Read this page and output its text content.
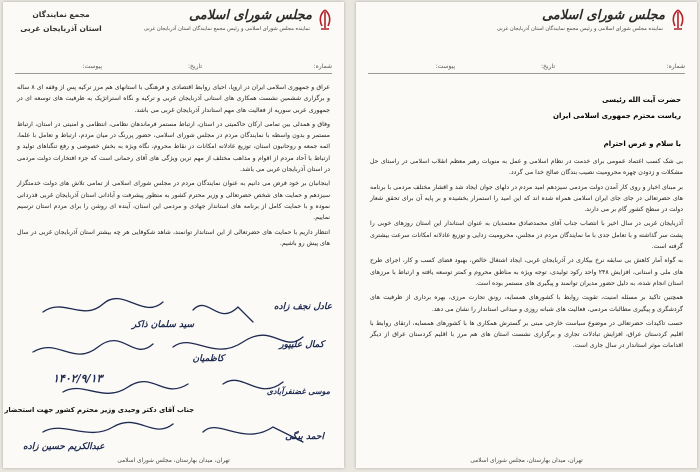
مجلس شورای اسلامی
نماینده مجلس شورای اسلامی و رئیس مجمع نمایندگان استان آذربایجان غربی
مجمع نمایندگان
استان آذربایجان غربی
شماره:
تاریخ:
پیوست:

عراق و جمهوری اسلامی ایران در اروپا، احیای روابط اقتصادی و فرهنگی با استانهای هم مرز ترکیه پس از وقفه ای ۸ ساله و برگزاری ششمین نشست همکاری های استانی آذربایجان غربی و ترکیه و نگاه استراتژیک به ظرفیت های توسعه ای در جمهوری عربی سوریه از فعالیت های مهم استاندار آذربایجان غربی می باشد.

وفاق و همدلی بین تمامی ارکان حاکمیتی در استان، ارتباط مستمر فرماندهان نظامی، انتظامی و امنیتی در استان، ارتباط مستمر و بدون واسطه با نمایندگان مردم در مجلس شورای اسلامی، حضور پررنگ در میان مردم، ارتباط و تعامل با علما، ائمه جمعه و روحانیون استان، توزیع عادلانه امکانات در نقاط محروم، نگاه ویژه به بخش خصوصی و رفع تنگناهای تولید و ارتباط با آحاد مردم از اقوام و مذاهب مختلف از مهم ترین ویژگی های آقای رحمانی است که جزء افتخارات دولت مردمی در استان آذربایجان غربی می باشد.

اینجانبان بر خود فرض می دانیم به عنوان نمایندگان مردم در مجلس شورای اسلامی از تمامی تلاش های دولت خدمتگزار سیزدهم و حمایت های شخص حضرتعالی و وزیر محترم کشور به منظور پیشرفت و آبادانی استان آذربایجان غربی قدردانی نموده و با حمایت کامل از برنامه های استاندار جهادی و مردمی این استان، آینده ای روشن را برای مردم استان ترسیم نماییم.

انتظار داریم با حمایت های حضرتعالی از این استاندار توانمند، شاهد شکوفایی هر چه بیشتر استان آذربایجان غربی در سال های پیش رو باشیم.

عادل نجف زاده
سید سلمان ذاکر
کمال علیپور
۱۴۰۲/۹/۱۳
کاظمیان
موسی غضنفرآبادی
جناب آقای دکتر وحیدی وزیر محترم کشور جهت استحضار
احمد بیگی
عبدالکریم حسین زاده
تهران، میدان بهارستان، مجلس شورای اسلامی
مجلس شورای اسلامی
نماینده مجلس شورای اسلامی و رئیس مجمع نمایندگان استان آذربایجان غربی
شماره:
تاریخ:
پیوست:
حضرت آیت الله رئیسی
ریاست محترم جمهوری اسلامی ایران
با سلام و عرض احترام

بی شک کسب اعتماد عمومی برای خدمت در نظام اسلامی و عمل به منویات رهبر معظم انقلاب اسلامی در راستای حل مشکلات و زدودن چهره محرومیت نصیب بندگان صالح خدا می گردد.

بر مبنای اخبار و روی کار آمدن دولت مردمی سیزدهم امید مردم در دلهای جوان ایجاد شد و اقشار مختلف مردمی با برنامه های حضرتعالی در جای جای ایران اسلامی همراه شده اند که این امید را استمرار بخشیده و بر پایه آن برای تحقق شعار دولت در سطح کشور گام بر می دارند.

آذربایجان غربی در سال اخیر با انتصاب جناب آقای محمدصادق معتمدیان به عنوان استاندار این استان روزهای خوبی را پشت سر گذاشته و با تعامل جدی با ما نمایندگان مردم در مجلس، محرومیت زدایی و توزیع عادلانه امکانات سرعت بیشتری گرفته است.

به گواه آمار کاهش بی سابقه نرخ بیکاری در آذربایجان غربی، ایجاد اشتغال خالص، بهبود فضای کسب و کار، اجرای طرح های ملی و استانی، افزایش ۲۴۸ واحد رکود تولیدی، توجه ویژه به مناطق محروم و کمتر توسعه یافته و ارتباط با مرزهای استان انجام شده، به دلیل حضور مدیران توانمند و پیگیری های مستمر بوده است.

همچنین تاکید بر مسئله امنیت، تقویت روابط با کشورهای همسایه، رونق تجارت مرزی، بهره برداری از ظرفیت های گردشگری و پیگیری مطالبات مردمی، فعالیت های شبانه روزی و میدانی استاندار را نشان می دهد.

حسب تاکیدات حضرتعالی در موضوع سیاست خارجی مبنی بر گسترش همکاری ها با کشورهای همسایه، ارتقای روابط با اقلیم کردستان عراق، افزایش تبادلات تجاری و برگزاری نشست استان های هم مرز با اقلیم کردستان عراق از دیگر اقدامات موثر استاندار در سال جاری است.

تهران، میدان بهارستان، مجلس شورای اسلامی
